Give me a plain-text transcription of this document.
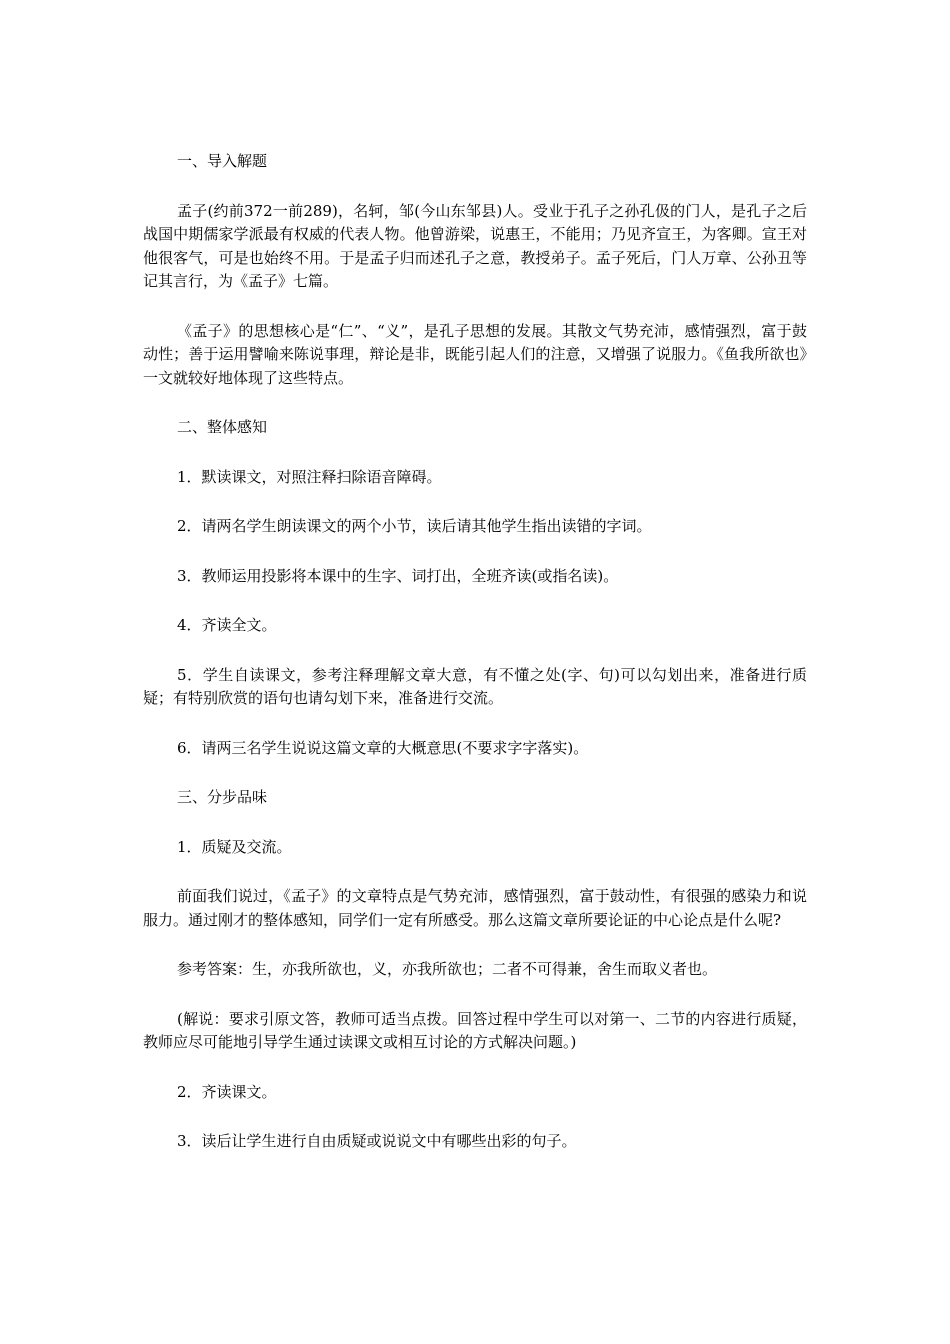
一、导入解题

孟子(约前372一前289)，名轲，邹(今山东邹县)人。受业于孔子之孙孔伋的门人，是孔子之后战国中期儒家学派最有权威的代表人物。他曾游梁，说惠王，不能用；乃见齐宣王，为客卿。宣王对他很客气，可是也始终不用。于是孟子归而述孔子之意，教授弟子。孟子死后，门人万章、公孙丑等记其言行，为《孟子》七篇。

《孟子》的思想核心是“仁”、“义”，是孔子思想的发展。其散文气势充沛，感情强烈，富于鼓动性；善于运用譬喻来陈说事理，辩论是非，既能引起人们的注意，又增强了说服力。《鱼我所欲也》一文就较好地体现了这些特点。

二、整体感知

1．默读课文，对照注释扫除语音障碍。

2．请两名学生朗读课文的两个小节，读后请其他学生指出读错的字词。

3．教师运用投影将本课中的生字、词打出，全班齐读(或指名读)。

4．齐读全文。

5．学生自读课文，参考注释理解文章大意，有不懂之处(字、句)可以勾划出来，准备进行质疑；有特别欣赏的语句也请勾划下来，准备进行交流。

6．请两三名学生说说这篇文章的大概意思(不要求字字落实)。

三、分步品味

1．质疑及交流。

前面我们说过，《孟子》的文章特点是气势充沛，感情强烈，富于鼓动性，有很强的感染力和说服力。通过刚才的整体感知，同学们一定有所感受。那么这篇文章所要论证的中心论点是什么呢?

参考答案：生，亦我所欲也，义，亦我所欲也；二者不可得兼，舍生而取义者也。

(解说：要求引原文答，教师可适当点拨。回答过程中学生可以对第一、二节的内容进行质疑，教师应尽可能地引导学生通过读课文或相互讨论的方式解决问题。)

2．齐读课文。

3．读后让学生进行自由质疑或说说文中有哪些出彩的句子。
